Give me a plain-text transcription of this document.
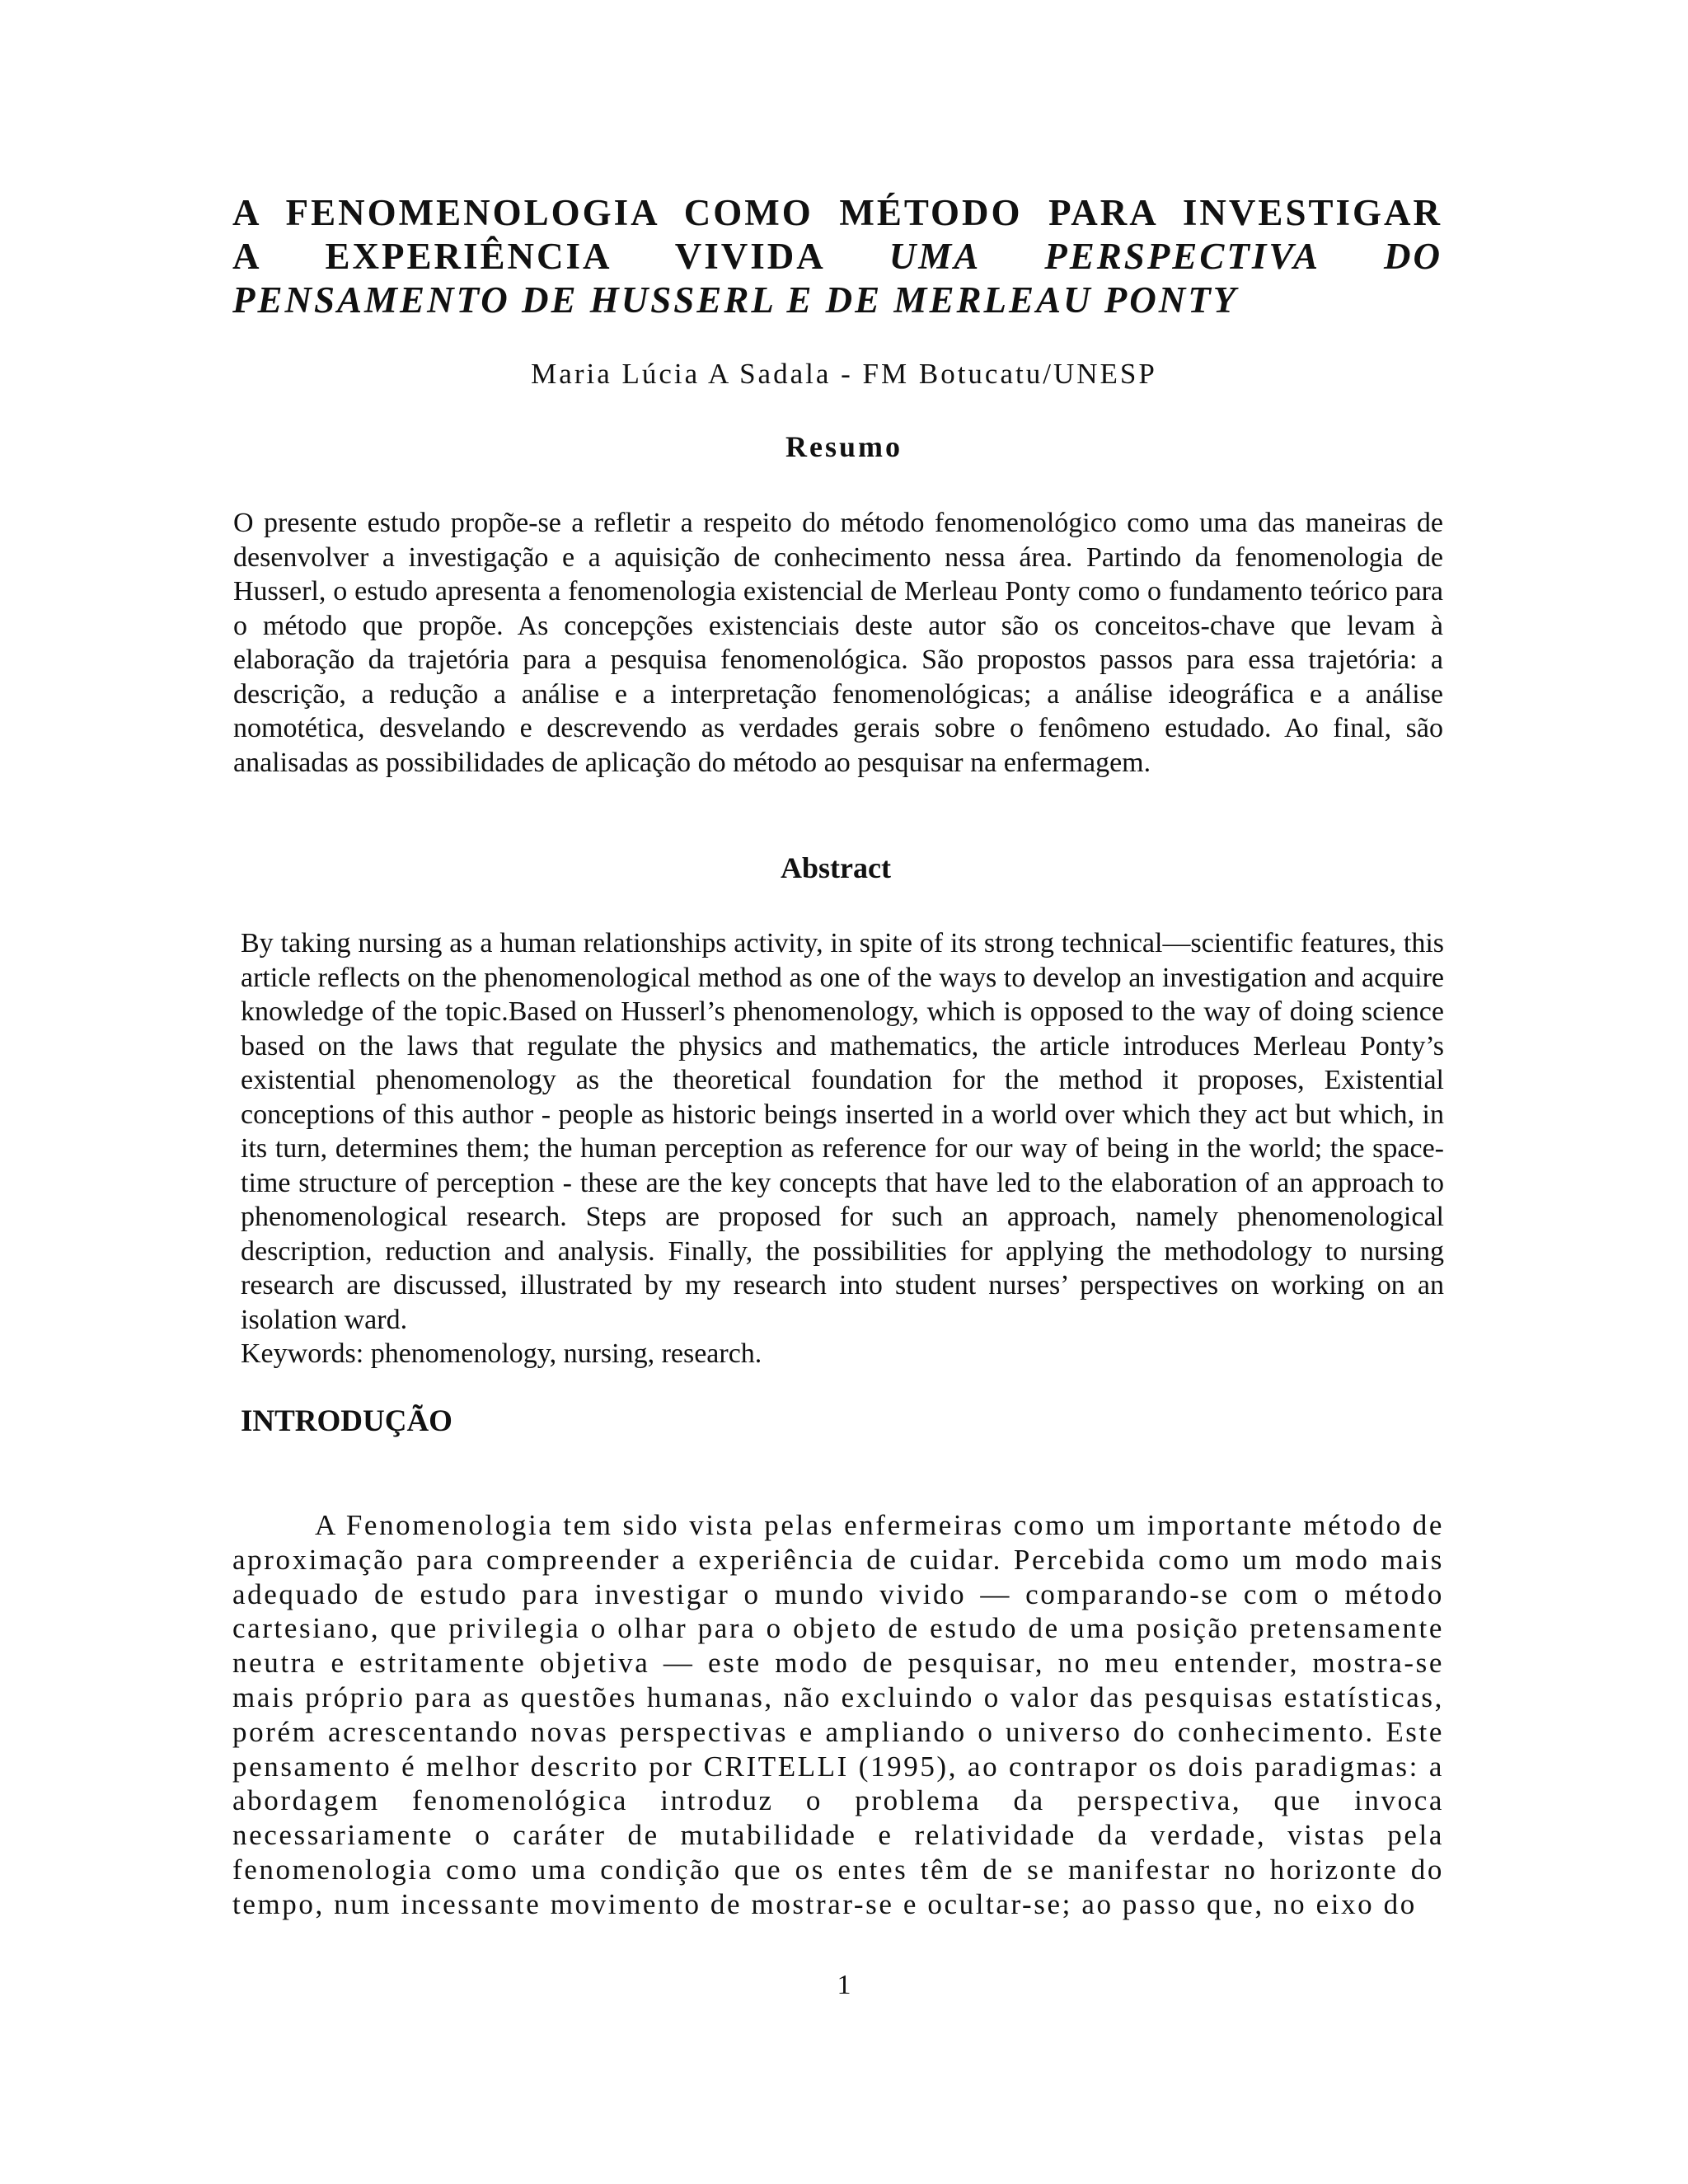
A FENOMENOLOGIA COMO MÉTODO PARA INVESTIGAR
A EXPERIÊNCIA VIVIDA UMA PERSPECTIVA DO
PENSAMENTO DE HUSSERL E DE MERLEAU PONTY
Maria Lúcia A Sadala - FM Botucatu/UNESP
Resumo

O presente estudo propõe-se a refletir a respeito do método fenomenológico como uma das maneiras de desenvolver a investigação e a aquisição de conhecimento nessa área. Partindo da fenomenologia de Husserl, o estudo apresenta a fenomenologia existencial de Merleau Ponty como o fundamento teórico para o método que propõe. As concepções existenciais deste autor são os conceitos-chave que levam à elaboração da trajetória para a pesquisa fenomenológica. São propostos passos para essa trajetória: a descrição, a redução a análise e a interpretação fenomenológicas; a análise ideográfica e a análise nomotética, desvelando e descrevendo as verdades gerais sobre o fenômeno estudado. Ao final, são analisadas as possibilidades de aplicação do método ao pesquisar na enfermagem.

Abstract

By taking nursing as a human relationships activity, in spite of its strong technical—scientific features, this article reflects on the phenomenological method as one of the ways to develop an investigation and acquire knowledge of the topic.Based on Husserl’s phenomenology, which is opposed to the way of doing science based on the laws that regulate the physics and mathematics, the article introduces Merleau Ponty’s existential phenomenology as the theoretical foundation for the method it proposes, Existential conceptions of this author - people as historic beings inserted in a world over which they act but which, in its turn, determines them; the human perception as reference for our way of being in the world; the space-time structure of perception - these are the key concepts that have led to the elaboration of an approach to phenomenological research. Steps are proposed for such an approach, namely phenomenological description, reduction and analysis. Finally, the possibilities for applying the methodology to nursing research are discussed, illustrated by my research into student nurses’ perspectives on working on an isolation ward.

Keywords: phenomenology, nursing, research.
INTRODUÇÃO

A Fenomenologia tem sido vista pelas enfermeiras como um importante método de aproximação para compreender a experiência de cuidar. Percebida como um modo mais adequado de estudo para investigar o mundo vivido — comparando-se com o método cartesiano, que privilegia o olhar para o objeto de estudo de uma posição pretensamente neutra e estritamente objetiva — este modo de pesquisar, no meu entender, mostra-se mais próprio para as questões humanas, não excluindo o valor das pesquisas estatísticas, porém acrescentando novas perspectivas e ampliando o universo do conhecimento. Este pensamento é melhor descrito por CRITELLI (1995), ao contrapor os dois paradigmas: a abordagem fenomenológica introduz o problema da perspectiva, que invoca necessariamente o caráter de mutabilidade e relatividade da verdade, vistas pela fenomenologia como uma condição que os entes têm de se manifestar no horizonte do tempo, num incessante movimento de mostrar-se e ocultar-se; ao passo que, no eixo do

1
